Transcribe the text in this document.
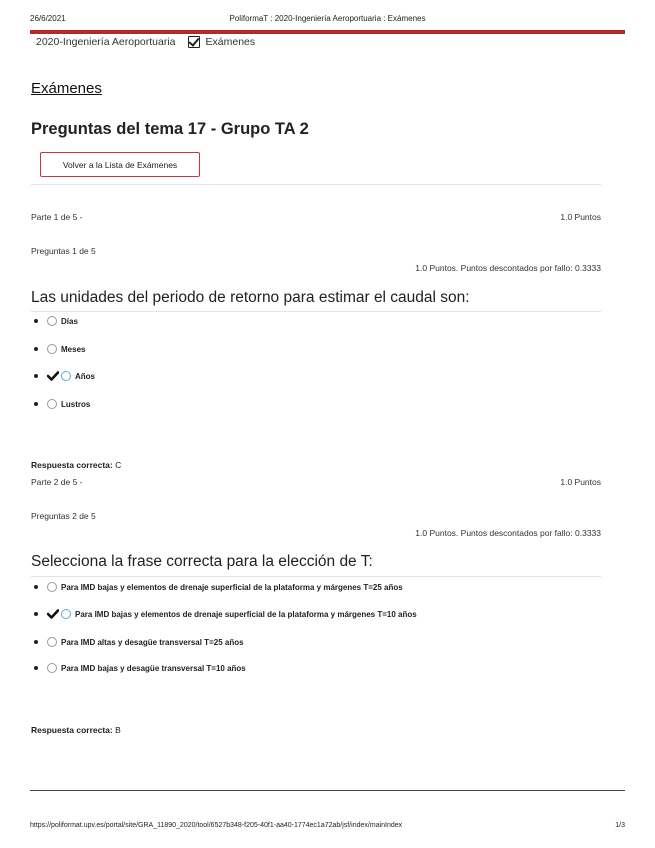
26/6/2021	PoliformaT : 2020-Ingeniería Aeroportuaria : Exámenes
2020-Ingeniería Aeroportuaria	Exámenes
Exámenes
Preguntas del tema 17 - Grupo TA 2
Volver a la Lista de Exámenes
Parte 1 de 5 -	1.0 Puntos
Preguntas 1 de 5
1.0 Puntos. Puntos descontados por fallo: 0.3333
Las unidades del periodo de retorno para estimar el caudal son:
Días
Meses
Años
Lustros
Respuesta correcta: C
Parte 2 de 5 -	1.0 Puntos
Preguntas 2 de 5
1.0 Puntos. Puntos descontados por fallo: 0.3333
Selecciona la frase correcta para la elección de T:
Para IMD bajas y elementos de drenaje superficial de la plataforma y márgenes T=25 años
Para IMD bajas y elementos de drenaje superficial de la plataforma y márgenes T=10 años
Para IMD altas y desagüe transversal T=25 años
Para IMD bajas y desagüe transversal T=10 años
Respuesta correcta: B
https://poliformat.upv.es/portal/site/GRA_11890_2020/tool/6527b348-f205-40f1-aa40-1774ec1a72ab/jsf/index/mainIndex	1/3
